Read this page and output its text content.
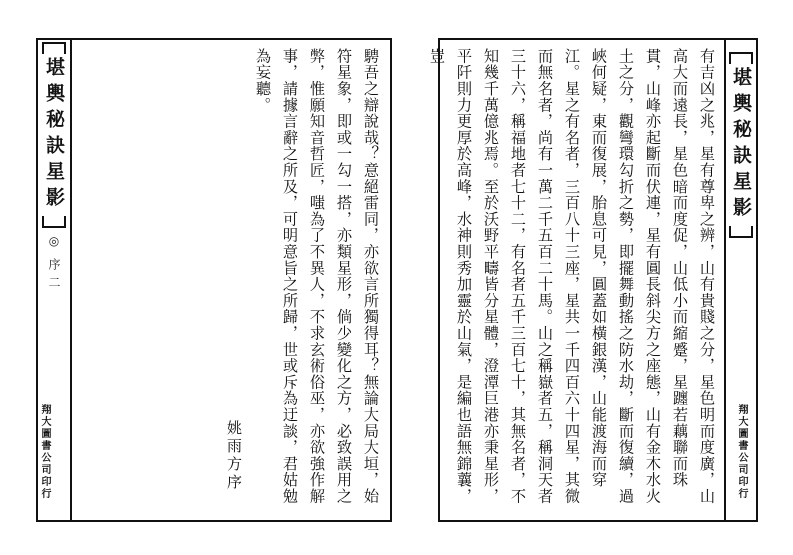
堪輿秘訣星影
◎序二
翔大圖書公司印行	騁吾之辯說哉？意絕雷同，亦欲言所獨得耳？無論大局大垣，始符星象，即或一勾一搭，亦類星形，倘少變化之方，必致誤用之弊，惟願知音哲匠，嗤為了不異人，不求玄術俗巫，亦欲強作解事，請據言辭之所及，可明意旨之所歸，世或斥為迂談，君姑勉為妄聽。
姚雨方序
堪輿秘訣星影
翔大圖書公司印行
有吉凶之兆，星有尊卑之辨，山有貴賤之分，星色明而度廣，山高大而遠長，星色暗而度促，山低小而縮蹙，星躔若藕聯而珠貫，山峰亦起斷而伏連，星有圓長斜尖方之座態，山有金木水火土之分，觀彎環勾折之勢，即擺舞動搖之防水劫，斷而復續，過峽何疑，東而復展，胎息可見，圓蓋如橫銀漢，山能渡海而穿江。星之有名者，三百八十三座，星共一千四百六十四星，其微而無名者，尚有一萬二千五百二十馬。山之稱嶽者五，稱洞天者三十六，稱福地者七十二，有名者五千三百七十，其無名者，不知幾千萬億兆焉。至於沃野平疇皆分星體，澄潭巨港亦秉星形，平阡則力更厚於高峰，水神則秀加靈於山氣，是編也語無錦蘘，豈
